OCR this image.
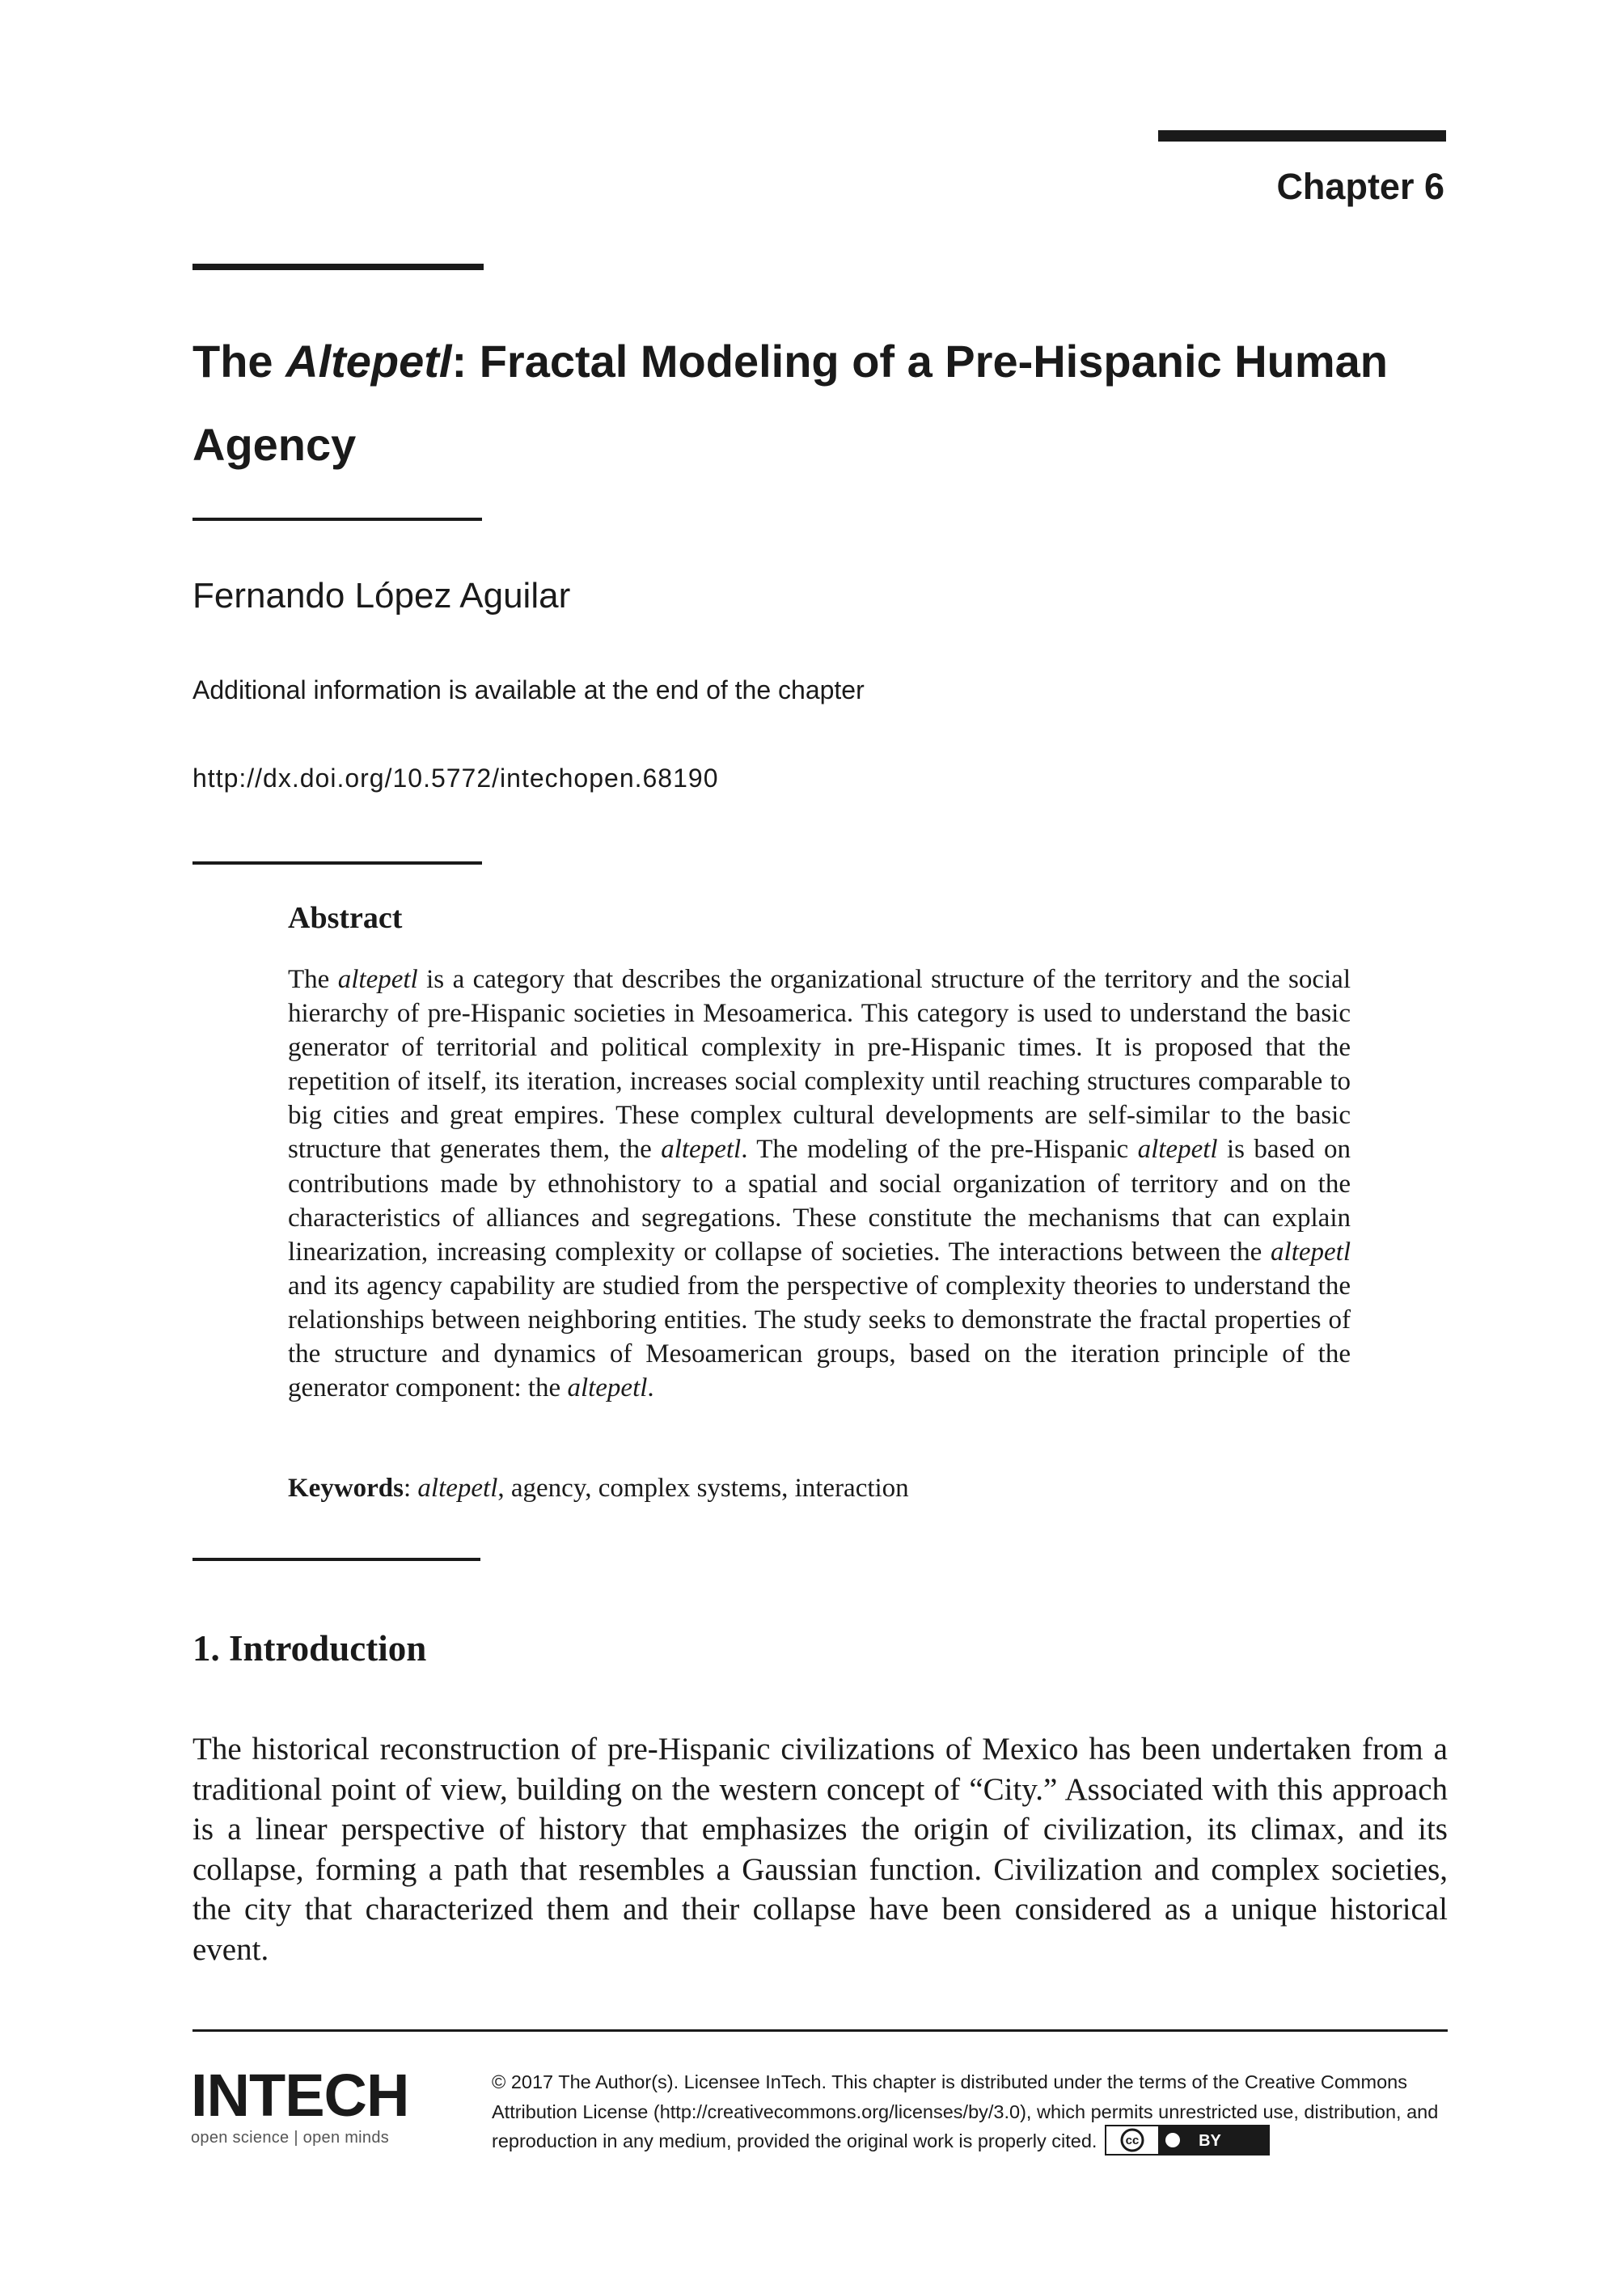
Chapter 6
The Altepetl: Fractal Modeling of a Pre-Hispanic Human Agency
Fernando López Aguilar
Additional information is available at the end of the chapter
http://dx.doi.org/10.5772/intechopen.68190
Abstract
The altepetl is a category that describes the organizational structure of the territory and the social hierarchy of pre-Hispanic societies in Mesoamerica. This category is used to understand the basic generator of territorial and political complexity in pre-Hispanic times. It is proposed that the repetition of itself, its iteration, increases social complexity until reaching structures comparable to big cities and great empires. These complex cultural developments are self-similar to the basic structure that generates them, the altepetl. The modeling of the pre-Hispanic altepetl is based on contributions made by ethnohistory to a spatial and social organization of territory and on the characteristics of alliances and segregations. These constitute the mechanisms that can explain linearization, increasing complexity or collapse of societies. The interactions between the altepetl and its agency capability are studied from the perspective of complexity theories to understand the relationships between neighboring entities. The study seeks to demonstrate the fractal properties of the structure and dynamics of Mesoamerican groups, based on the iteration principle of the generator component: the altepetl.
Keywords: altepetl, agency, complex systems, interaction
1. Introduction
The historical reconstruction of pre-Hispanic civilizations of Mexico has been undertaken from a traditional point of view, building on the western concept of “City.” Associated with this approach is a linear perspective of history that emphasizes the origin of civilization, its climax, and its collapse, forming a path that resembles a Gaussian function. Civilization and complex societies, the city that characterized them and their collapse have been considered as a unique historical event.
INTECH
open science | open minds
© 2017 The Author(s). Licensee InTech. This chapter is distributed under the terms of the Creative Commons Attribution License (http://creativecommons.org/licenses/by/3.0), which permits unrestricted use, distribution, and reproduction in any medium, provided the original work is properly cited. cc	BY
